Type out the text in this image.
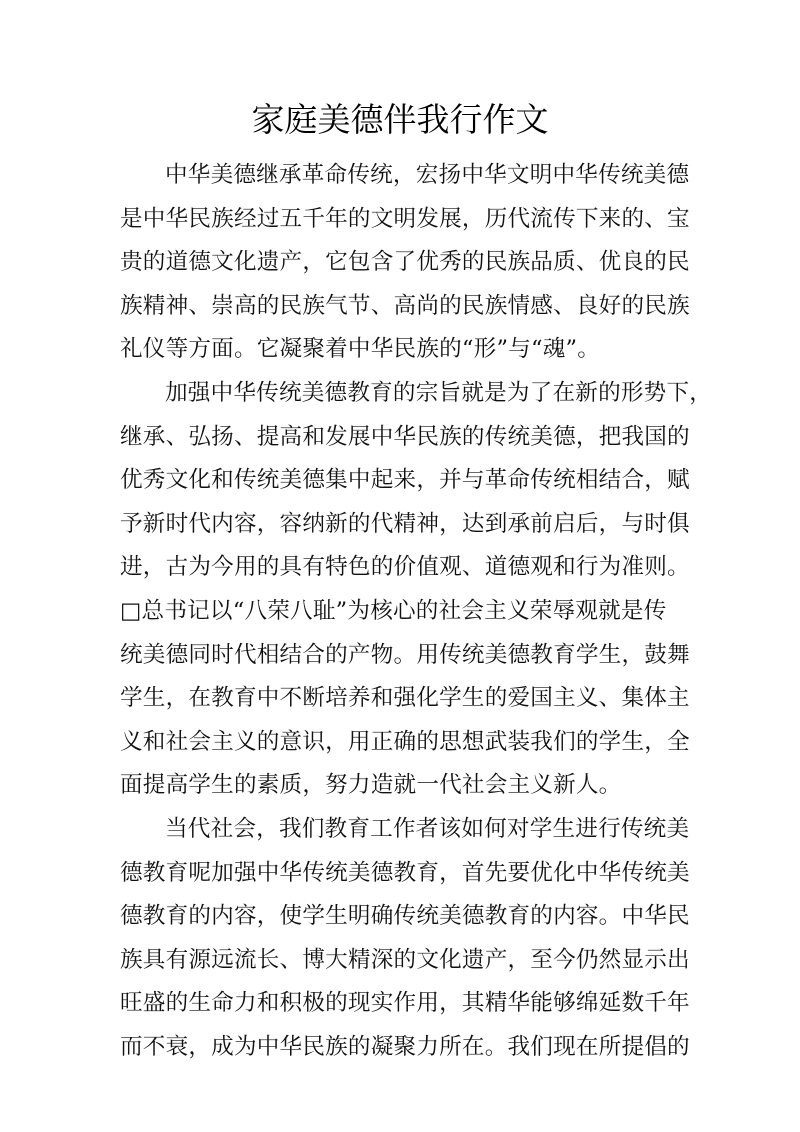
家庭美德伴我行作文
中华美德继承革命传统，宏扬中华文明中华传统美德
是中华民族经过五千年的文明发展，历代流传下来的、宝
贵的道德文化遗产，它包含了优秀的民族品质、优良的民
族精神、崇高的民族气节、高尚的民族情感、良好的民族
礼仪等方面。它凝聚着中华民族的“形”与“魂”。
加强中华传统美德教育的宗旨就是为了在新的形势下，
继承、弘扬、提高和发展中华民族的传统美德，把我国的
优秀文化和传统美德集中起来，并与革命传统相结合，赋
予新时代内容，容纳新的代精神，达到承前启后，与时俱
进，古为今用的具有特色的价值观、道德观和行为准则。
□总书记以“八荣八耻”为核心的社会主义荣辱观就是传
统美德同时代相结合的产物。用传统美德教育学生，鼓舞
学生，在教育中不断培养和强化学生的爱国主义、集体主
义和社会主义的意识，用正确的思想武装我们的学生，全
面提高学生的素质，努力造就一代社会主义新人。
当代社会，我们教育工作者该如何对学生进行传统美
德教育呢加强中华传统美德教育，首先要优化中华传统美
德教育的内容，使学生明确传统美德教育的内容。中华民
族具有源远流长、博大精深的文化遗产，至今仍然显示出
旺盛的生命力和积极的现实作用，其精华能够绵延数千年
而不衰，成为中华民族的凝聚力所在。我们现在所提倡的
